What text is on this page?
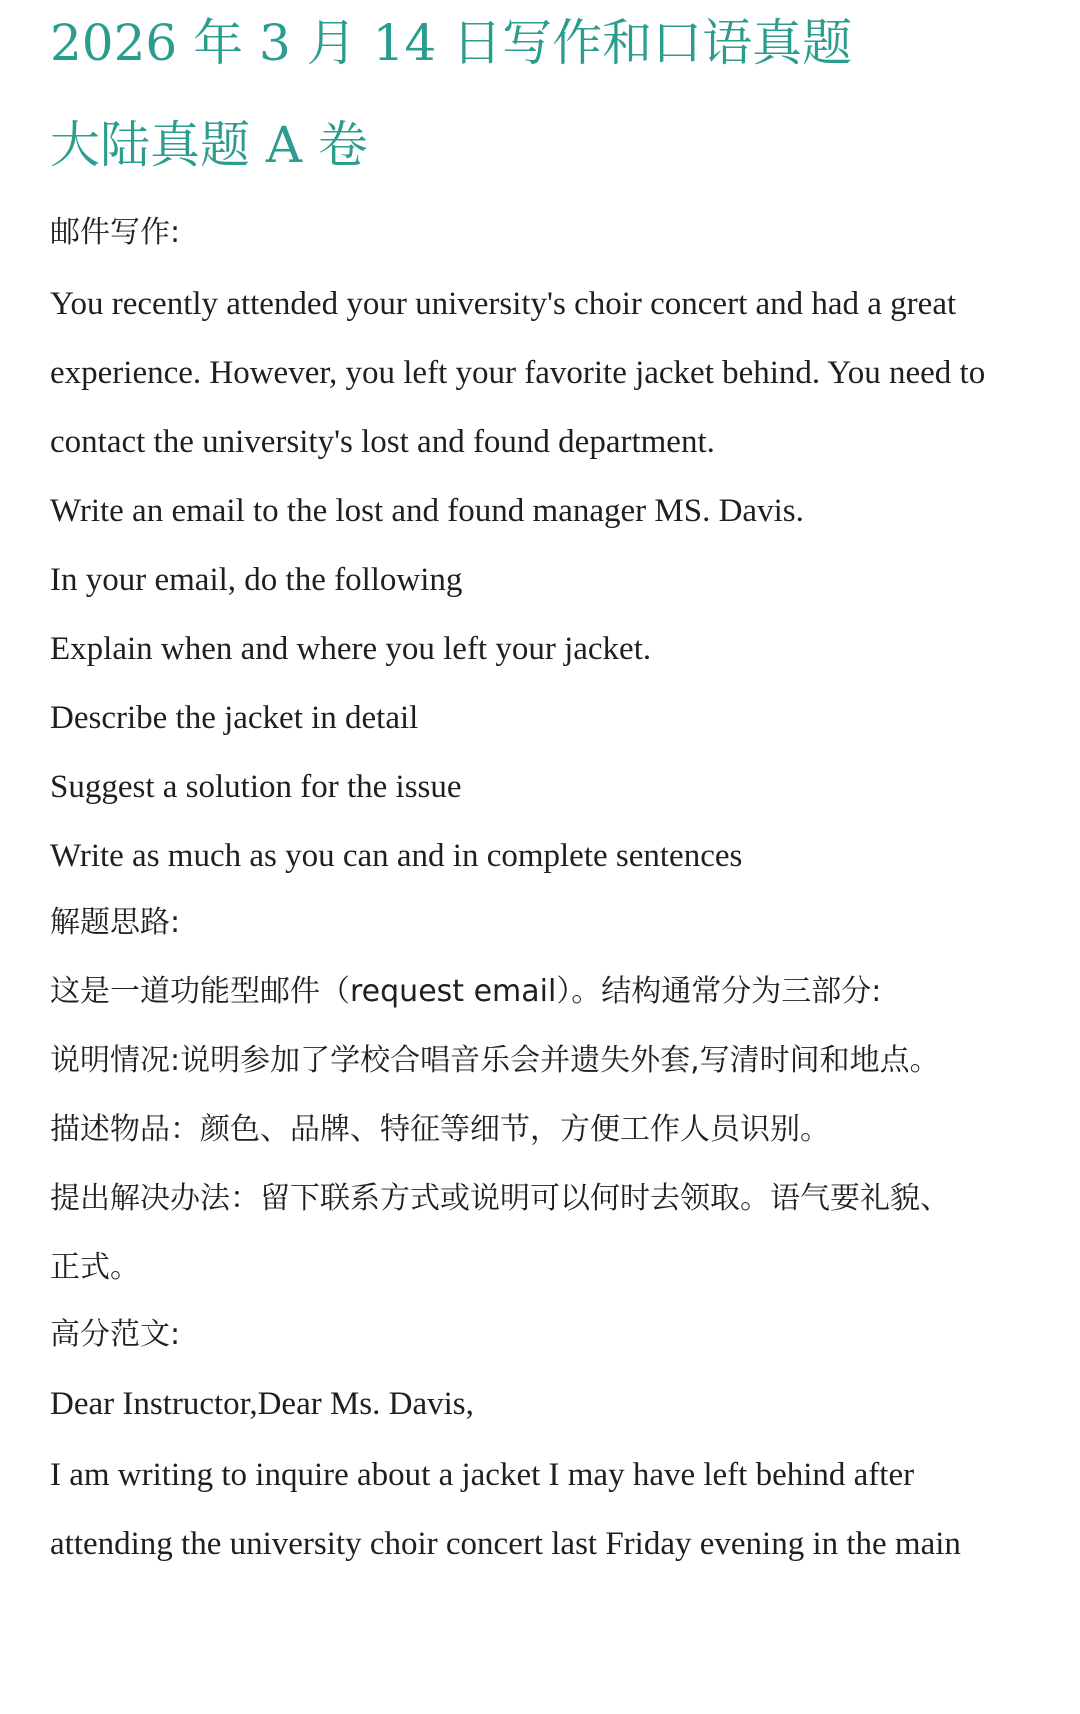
2026 年 3 月 14 日写作和口语真题
大陆真题 A 卷

邮件写作:

You recently attended your university's choir concert and had a great

experience. However, you left your favorite jacket behind. You need to

contact the university's lost and found department.

Write an email to the lost and found manager MS. Davis.

In your email, do the following

Explain when and where you left your jacket.

Describe the jacket in detail

Suggest a solution for the issue

Write as much as you can and in complete sentences

解题思路:

这是一道功能型邮件（request email）。结构通常分为三部分:

说明情况:说明参加了学校合唱音乐会并遗失外套,写清时间和地点。

描述物品：颜色、品牌、特征等细节，方便工作人员识别。

提出解决办法：留下联系方式或说明可以何时去领取。语气要礼貌、

正式。

高分范文:

Dear Instructor,Dear Ms. Davis,

I am writing to inquire about a jacket I may have left behind after

attending the university choir concert last Friday evening in the main
